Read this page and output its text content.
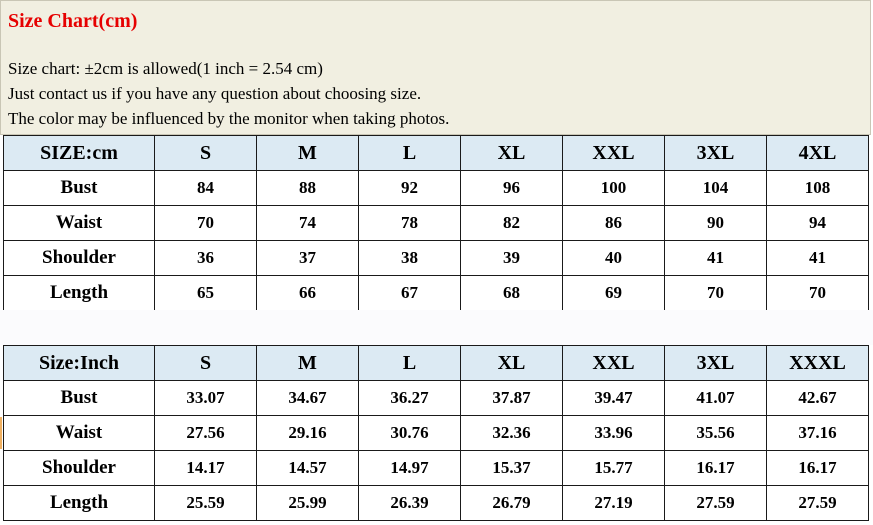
Size Chart(cm)
Size chart: ±2cm is allowed(1 inch = 2.54 cm)
Just contact us if you have any question about choosing size.
The color may be influenced by the monitor when taking photos.
SIZE:cm	S	M	L	XL	XXL	3XL	4XL
Bust	84	88	92	96	100	104	108
Waist	70	74	78	82	86	90	94
Shoulder	36	37	38	39	40	41	41
Length	65	66	67	68	69	70	70
Size:Inch	S	M	L	XL	XXL	3XL	XXXL
Bust	33.07	34.67	36.27	37.87	39.47	41.07	42.67
Waist	27.56	29.16	30.76	32.36	33.96	35.56	37.16
Shoulder	14.17	14.57	14.97	15.37	15.77	16.17	16.17
Length	25.59	25.99	26.39	26.79	27.19	27.59	27.59
